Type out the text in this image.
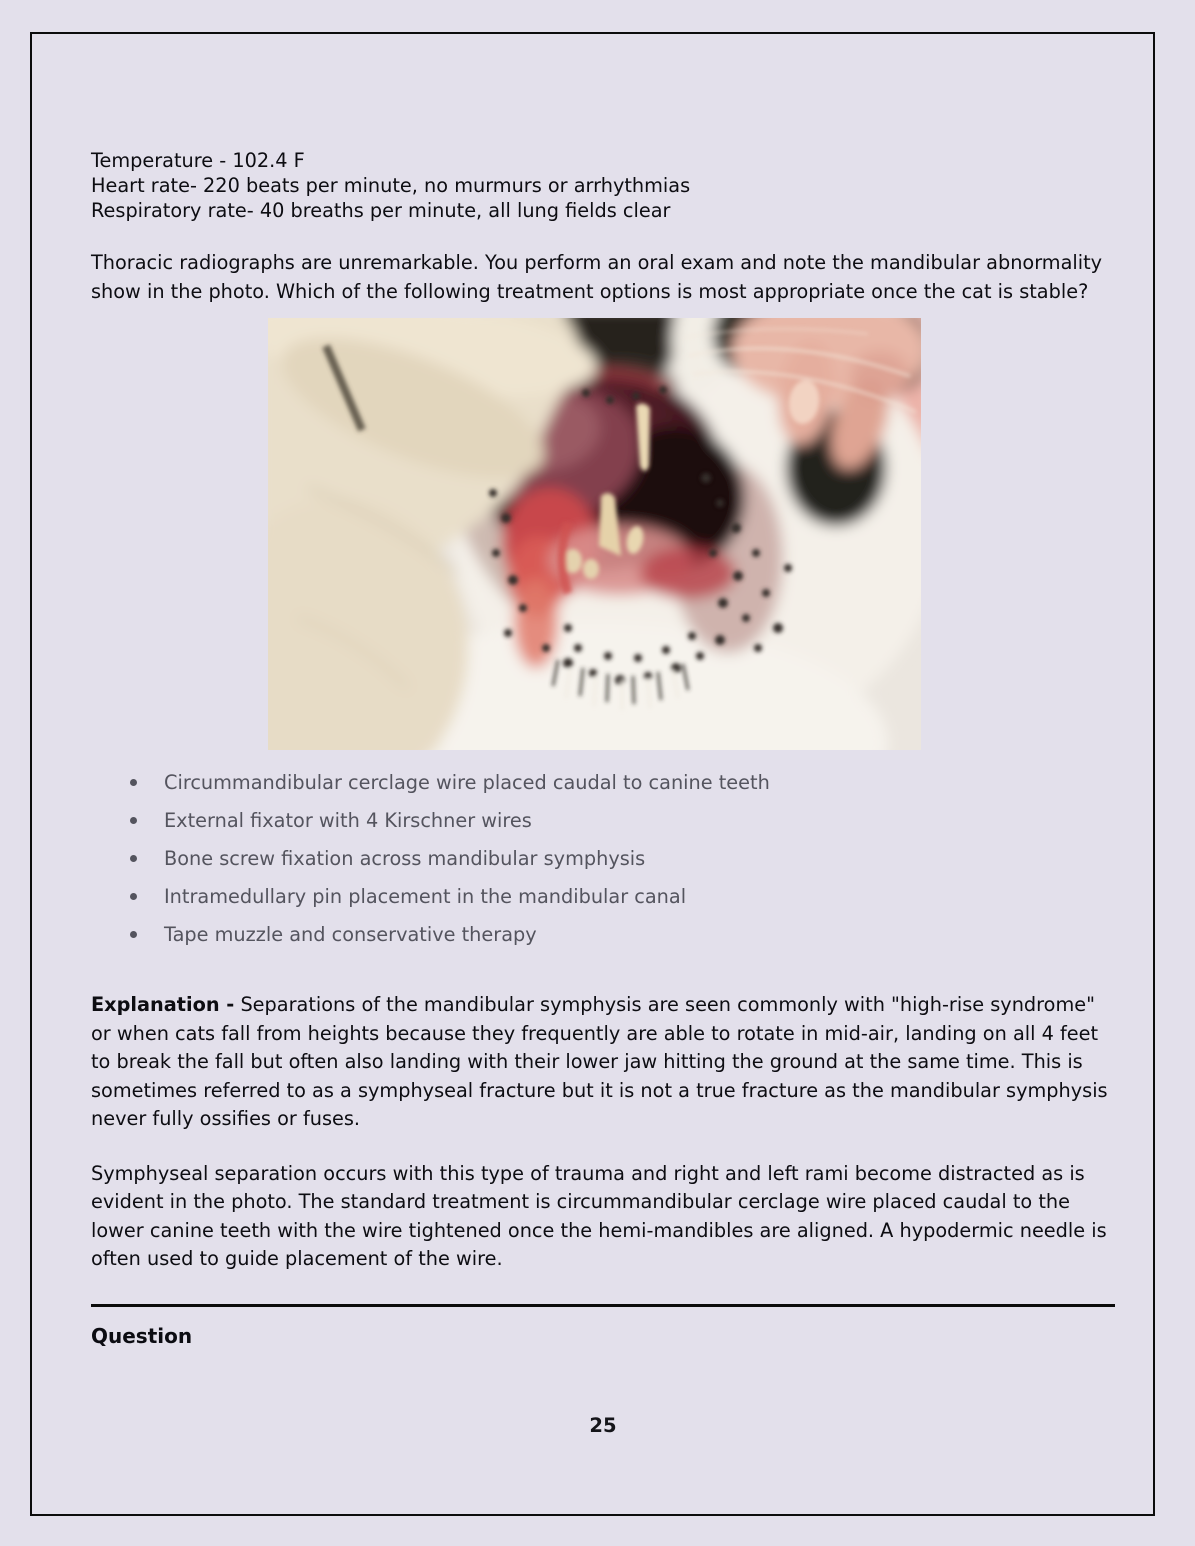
Temperature - 102.4 F
Heart rate- 220 beats per minute, no murmurs or arrhythmias
Respiratory rate- 40 breaths per minute, all lung fields clear
Thoracic radiographs are unremarkable. You perform an oral exam and note the mandibular abnormality show in the photo. Which of the following treatment options is most appropriate once the cat is stable?
Circummandibular cerclage wire placed caudal to canine teeth
External fixator with 4 Kirschner wires
Bone screw fixation across mandibular symphysis
Intramedullary pin placement in the mandibular canal
Tape muzzle and conservative therapy
Explanation - Separations of the mandibular symphysis are seen commonly with "high-rise syndrome" or when cats fall from heights because they frequently are able to rotate in mid-air, landing on all 4 feet to break the fall but often also landing with their lower jaw hitting the ground at the same time. This is sometimes referred to as a symphyseal fracture but it is not a true fracture as the mandibular symphysis never fully ossifies or fuses.
Symphyseal separation occurs with this type of trauma and right and left rami become distracted as is evident in the photo. The standard treatment is circummandibular cerclage wire placed caudal to the lower canine teeth with the wire tightened once the hemi-mandibles are aligned. A hypodermic needle is often used to guide placement of the wire.
Question
25
